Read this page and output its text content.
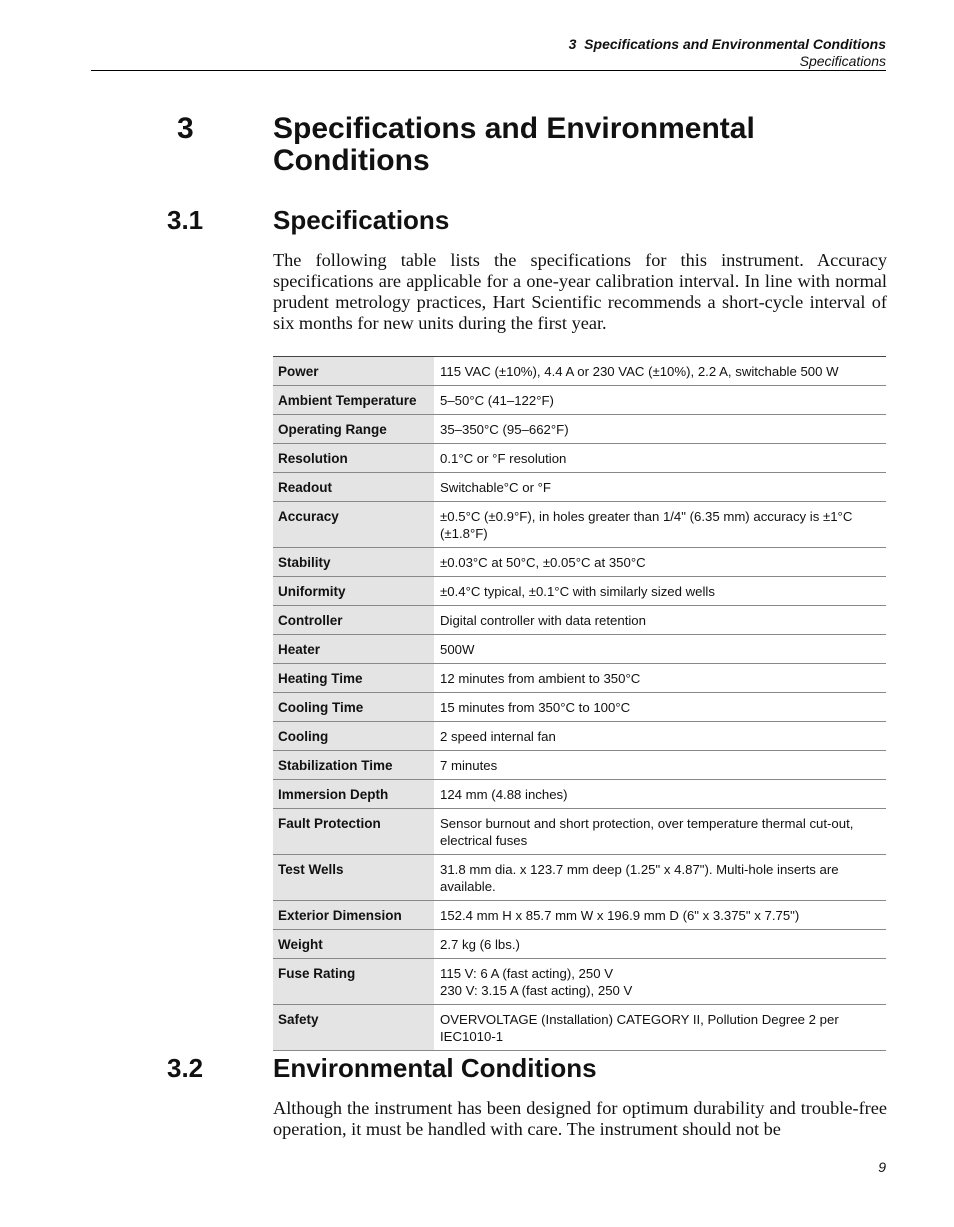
3  Specifications and Environmental Conditions
Specifications
3	Specifications and Environmental Conditions
3.1	Specifications

The following table lists the specifications for this instrument. Accuracy specifications are applicable for a one-year calibration interval. In line with normal prudent metrology practices, Hart Scientific recommends a short-cycle interval of six months for new units during the first year.

Power	115 VAC (±10%), 4.4 A or 230 VAC (±10%), 2.2 A, switchable 500 W
Ambient Temperature	5–50°C (41–122°F)
Operating Range	35–350°C (95–662°F)
Resolution	0.1°C or °F resolution
Readout	Switchable°C or °F
Accuracy	±0.5°C (±0.9°F), in holes greater than 1/4" (6.35 mm) accuracy is ±1°C (±1.8°F)
Stability	±0.03°C at 50°C, ±0.05°C at 350°C
Uniformity	±0.4°C typical, ±0.1°C with similarly sized wells
Controller	Digital controller with data retention
Heater	500W
Heating Time	12 minutes from ambient to 350°C
Cooling Time	15 minutes from 350°C to 100°C
Cooling	2 speed internal fan
Stabilization Time	7 minutes
Immersion Depth	124 mm (4.88 inches)
Fault Protection	Sensor burnout and short protection, over temperature thermal cut-out, electrical fuses
Test Wells	31.8 mm dia. x 123.7 mm deep (1.25" x 4.87"). Multi-hole inserts are available.
Exterior Dimension	152.4 mm H x 85.7 mm W x 196.9 mm D (6" x 3.375" x 7.75")
Weight	2.7 kg (6 lbs.)
Fuse Rating	115 V: 6 A (fast acting), 250 V
230 V: 3.15 A (fast acting), 250 V
Safety	OVERVOLTAGE (Installation) CATEGORY II, Pollution Degree 2 per IEC1010-1
3.2	Environmental Conditions

Although the instrument has been designed for optimum durability and trouble-free operation, it must be handled with care. The instrument should not be

9
